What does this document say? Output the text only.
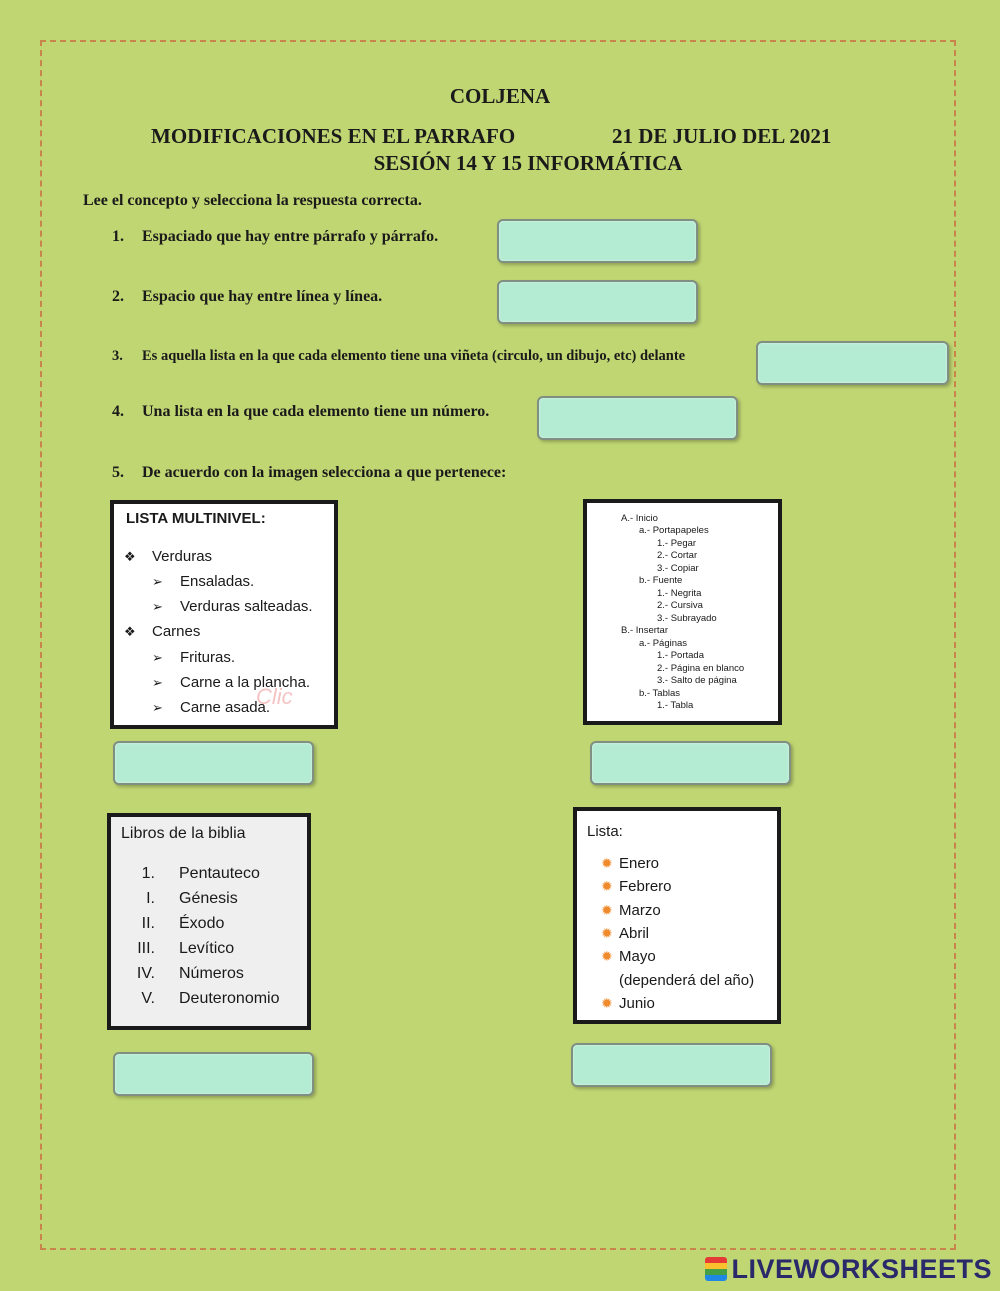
COLJENA
MODIFICACIONES EN EL PARRAFO	21 DE JULIO DEL 2021
SESIÓN 14 Y 15 INFORMÁTICA
Lee el concepto y selecciona la respuesta correcta.
1. Espaciado que hay entre párrafo y párrafo.
2. Espacio que hay entre línea y línea.
3. Es aquella lista en la que cada elemento tiene una viñeta (circulo, un dibujo, etc) delante
4. Una lista en la que cada elemento tiene un número.
5. De acuerdo con la imagen selecciona a que pertenece:
LISTA MULTINIVEL:
❖ Verduras
➢ Ensaladas.
➢ Verduras salteadas.
❖ Carnes
➢ Frituras.
➢ Carne a la plancha.
➢ Carne asada.
Clic
A.- Inicio
a.- Portapapeles
1.- Pegar
2.- Cortar
3.- Copiar
b.- Fuente
1.- Negrita
2.- Cursiva
3.- Subrayado
B.- Insertar
a.- Páginas
1.- Portada
2.- Página en blanco
3.- Salto de página
b.- Tablas
1.- Tabla
Libros de la biblia
1. Pentauteco
I. Génesis
II. Éxodo
III. Levítico
IV. Números
V. Deuteronomio
Lista:
✹ Enero
✹ Febrero
✹ Marzo
✹ Abril
✹ Mayo
(dependerá del año)
✹ Junio
LIVEWORKSHEETS
